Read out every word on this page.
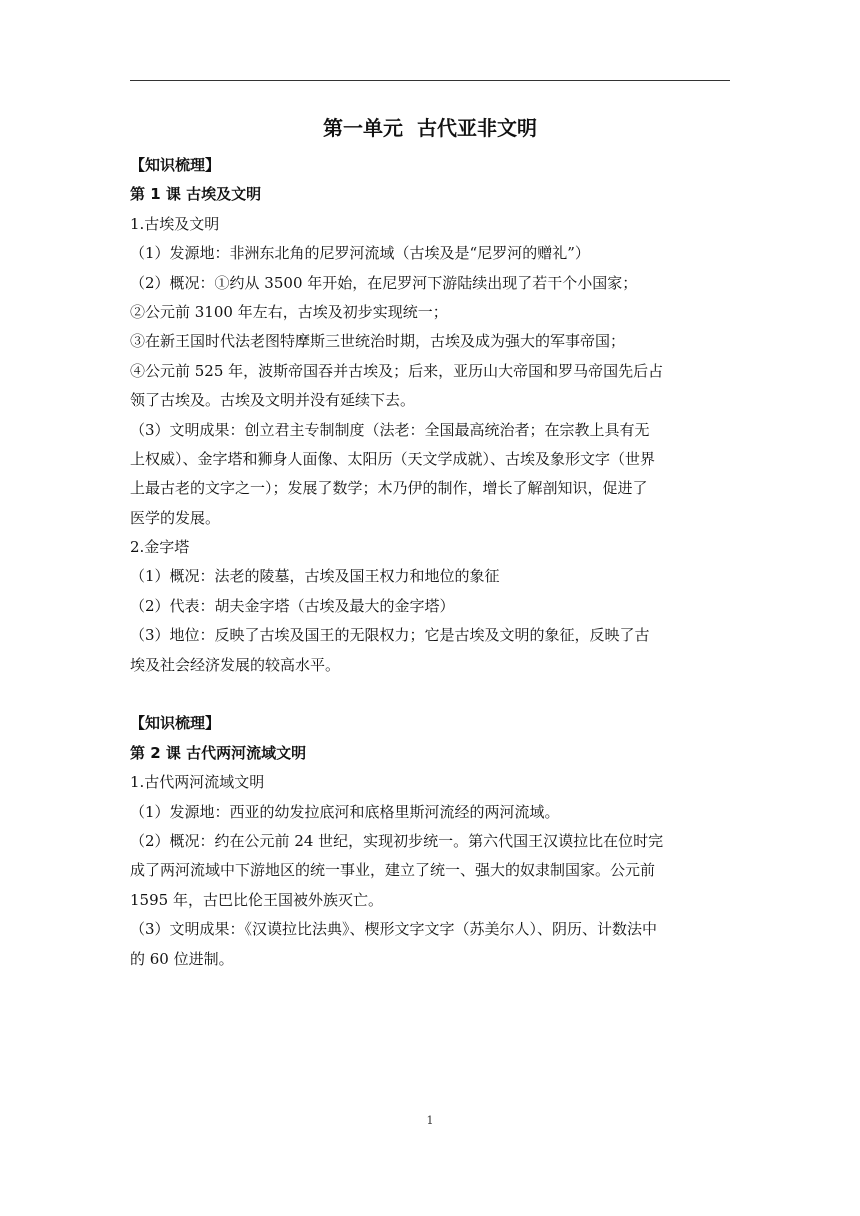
第一单元  古代亚非文明
【知识梳理】
第 1 课 古埃及文明
1.古埃及文明
（1）发源地：非洲东北角的尼罗河流域（古埃及是“尼罗河的赠礼”）
（2）概况：①约从 3500 年开始，在尼罗河下游陆续出现了若干个小国家；
②公元前 3100 年左右，古埃及初步实现统一；
③在新王国时代法老图特摩斯三世统治时期，古埃及成为强大的军事帝国；
④公元前 525 年，波斯帝国吞并古埃及；后来，亚历山大帝国和罗马帝国先后占
领了古埃及。古埃及文明并没有延续下去。
（3）文明成果：创立君主专制制度（法老：全国最高统治者；在宗教上具有无
上权威）、金字塔和狮身人面像、太阳历（天文学成就）、古埃及象形文字（世界
上最古老的文字之一）；发展了数学；木乃伊的制作，增长了解剖知识，促进了
医学的发展。
2.金字塔
（1）概况：法老的陵墓，古埃及国王权力和地位的象征
（2）代表：胡夫金字塔（古埃及最大的金字塔）
（3）地位：反映了古埃及国王的无限权力；它是古埃及文明的象征，反映了古
埃及社会经济发展的较高水平。
【知识梳理】
第 2 课 古代两河流域文明
1.古代两河流域文明
（1）发源地：西亚的幼发拉底河和底格里斯河流经的两河流域。
（2）概况：约在公元前 24 世纪，实现初步统一。第六代国王汉谟拉比在位时完
成了两河流域中下游地区的统一事业，建立了统一、强大的奴隶制国家。公元前
1595 年，古巴比伦王国被外族灭亡。
（3）文明成果：《汉谟拉比法典》、楔形文字文字（苏美尔人）、阴历、计数法中
的 60 位进制。
1
